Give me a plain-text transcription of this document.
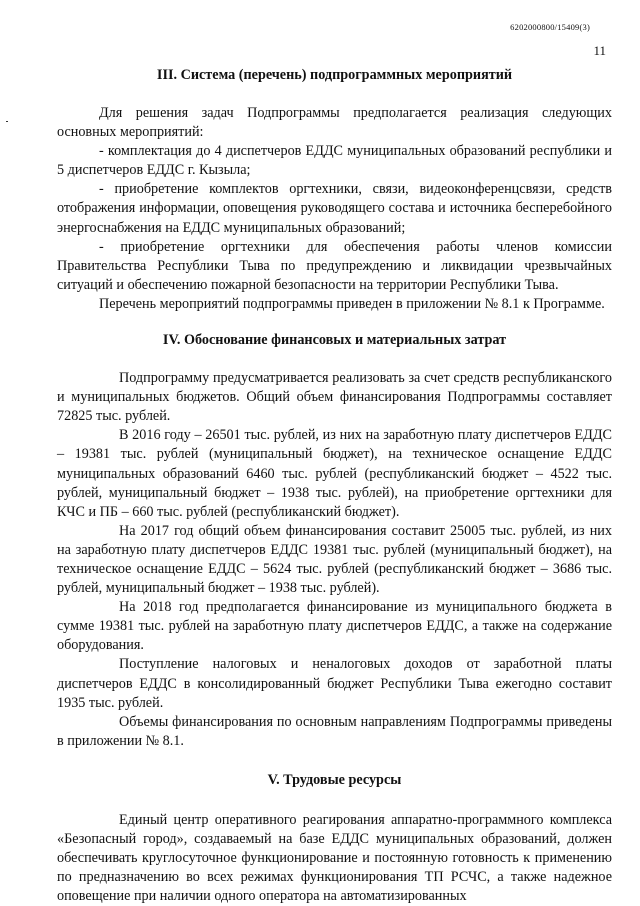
6202000800/15409(3)
11
III. Система (перечень) подпрограммных мероприятий

Для решения задач Подпрограммы предполагается реализация следующих основных мероприятий:

- комплектация до 4 диспетчеров ЕДДС муниципальных образований республики и 5 диспетчеров ЕДДС г. Кызыла;

- приобретение комплектов оргтехники, связи, видеоконференцсвязи, средств отображения информации, оповещения руководящего состава и источника бесперебойного энергоснабжения на ЕДДС муниципальных образований;

- приобретение оргтехники для обеспечения работы членов комиссии Правительства Республики Тыва по предупреждению и ликвидации чрезвычайных ситуаций и обеспечению пожарной безопасности на территории Республики Тыва.

Перечень мероприятий подпрограммы приведен в приложении № 8.1 к Программе.

IV. Обоснование финансовых и материальных затрат

Подпрограмму предусматривается реализовать за счет средств республиканского и муниципальных бюджетов. Общий объем финансирования Подпрограммы составляет 72825 тыс. рублей.

В 2016 году – 26501 тыс. рублей, из них на заработную плату диспетчеров ЕДДС – 19381 тыс. рублей (муниципальный бюджет), на техническое оснащение ЕДДС муниципальных образований 6460 тыс. рублей (республиканский бюджет – 4522 тыс. рублей, муниципальный бюджет – 1938 тыс. рублей), на приобретение оргтехники для КЧС и ПБ – 660 тыс. рублей (республиканский бюджет).

На 2017 год общий объем финансирования составит 25005 тыс. рублей, из них на заработную плату диспетчеров ЕДДС 19381 тыс. рублей (муниципальный бюджет), на техническое оснащение ЕДДС – 5624 тыс. рублей (республиканский бюджет – 3686 тыс. рублей, муниципальный бюджет – 1938 тыс. рублей).

На 2018 год предполагается финансирование из муниципального бюджета в сумме 19381 тыс. рублей на заработную плату диспетчеров ЕДДС, а также на содержание оборудования.

Поступление налоговых и неналоговых доходов от заработной платы диспетчеров ЕДДС в консолидированный бюджет Республики Тыва ежегодно составит 1935 тыс. рублей.

Объемы финансирования по основным направлениям Подпрограммы приведены в приложении № 8.1.

V. Трудовые ресурсы

Единый центр оперативного реагирования аппаратно-программного комплекса «Безопасный город», создаваемый на базе ЕДДС муниципальных образований, должен обеспечивать круглосуточное функционирование и постоянную готовность к применению по предназначению во всех режимах функционирования ТП РСЧС, а также надежное оповещение при наличии одного оператора на автоматизированных
